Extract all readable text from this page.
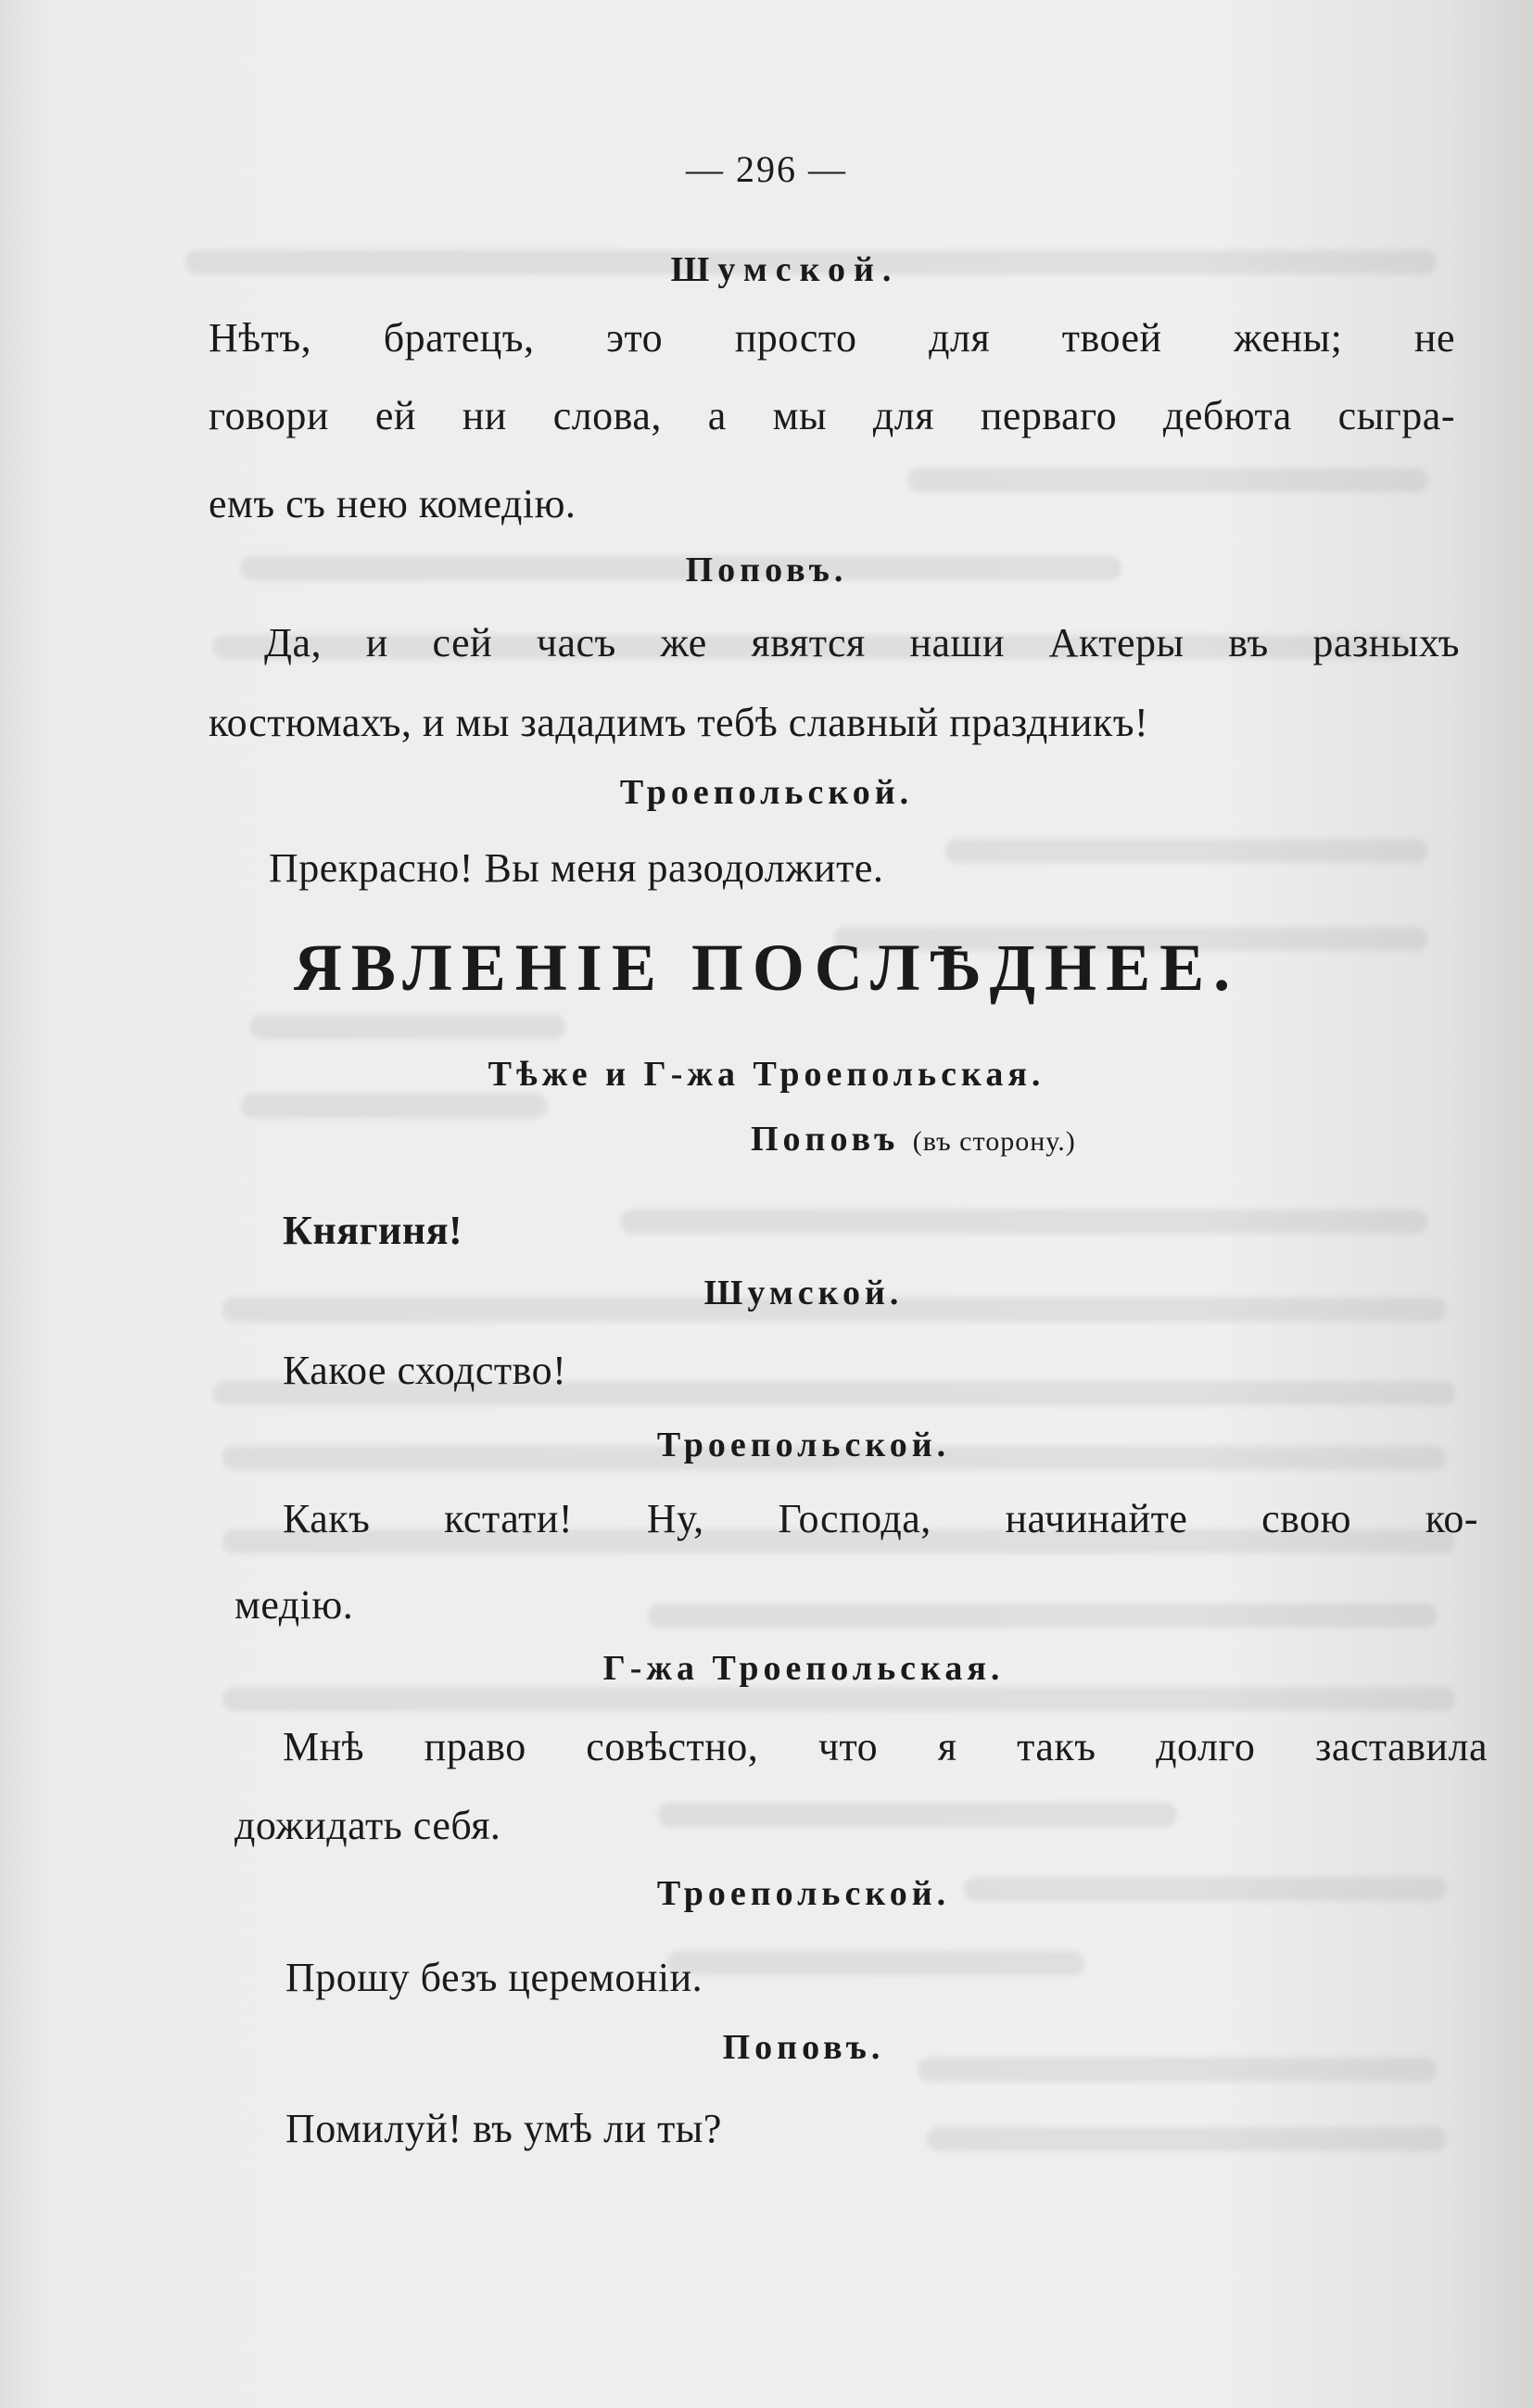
— 296 —
Шумской.
Нѣтъ, братецъ, это просто для твоей жены; не
говори ей ни слова, а мы для перваго дебюта сыгра-
емъ съ нею комедію.
Поповъ.
Да, и сей часъ же явятся наши Актеры въ разныхъ
костюмахъ, и мы зададимъ тебѣ славный праздникъ!
Троепольской.
Прекрасно! Вы меня разодолжите.
ЯВЛЕНІЕ ПОСЛѢДНЕЕ.
Тѣже и Г-жа Троепольская.
Поповъ (въ сторону.)
Княгиня!
Шумской.
Какое сходство!
Троепольской.
Какъ кстати! Ну, Господа, начинайте свою ко-
медію.
Г-жа Троепольская.
Мнѣ право совѣстно, что я такъ долго заставила
дожидать себя.
Троепольской.
Прошу безъ церемоніи.
Поповъ.
Помилуй! въ умѣ ли ты?
